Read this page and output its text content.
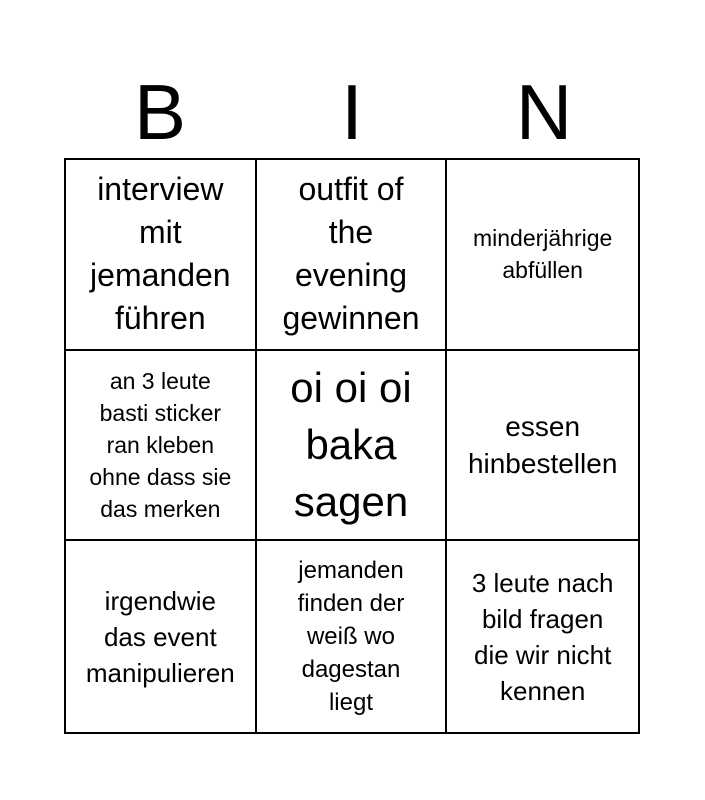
B	I	N
interview
mit
jemanden
führen
outfit of
the
evening
gewinnen
minderjährige
abfüllen
an 3 leute
basti sticker
ran kleben
ohne dass sie
das merken
oi oi oi
baka
sagen
essen
hinbestellen
irgendwie
das event
manipulieren
jemanden
finden der
weiß wo
dagestan
liegt
3 leute nach
bild fragen
die wir nicht
kennen
